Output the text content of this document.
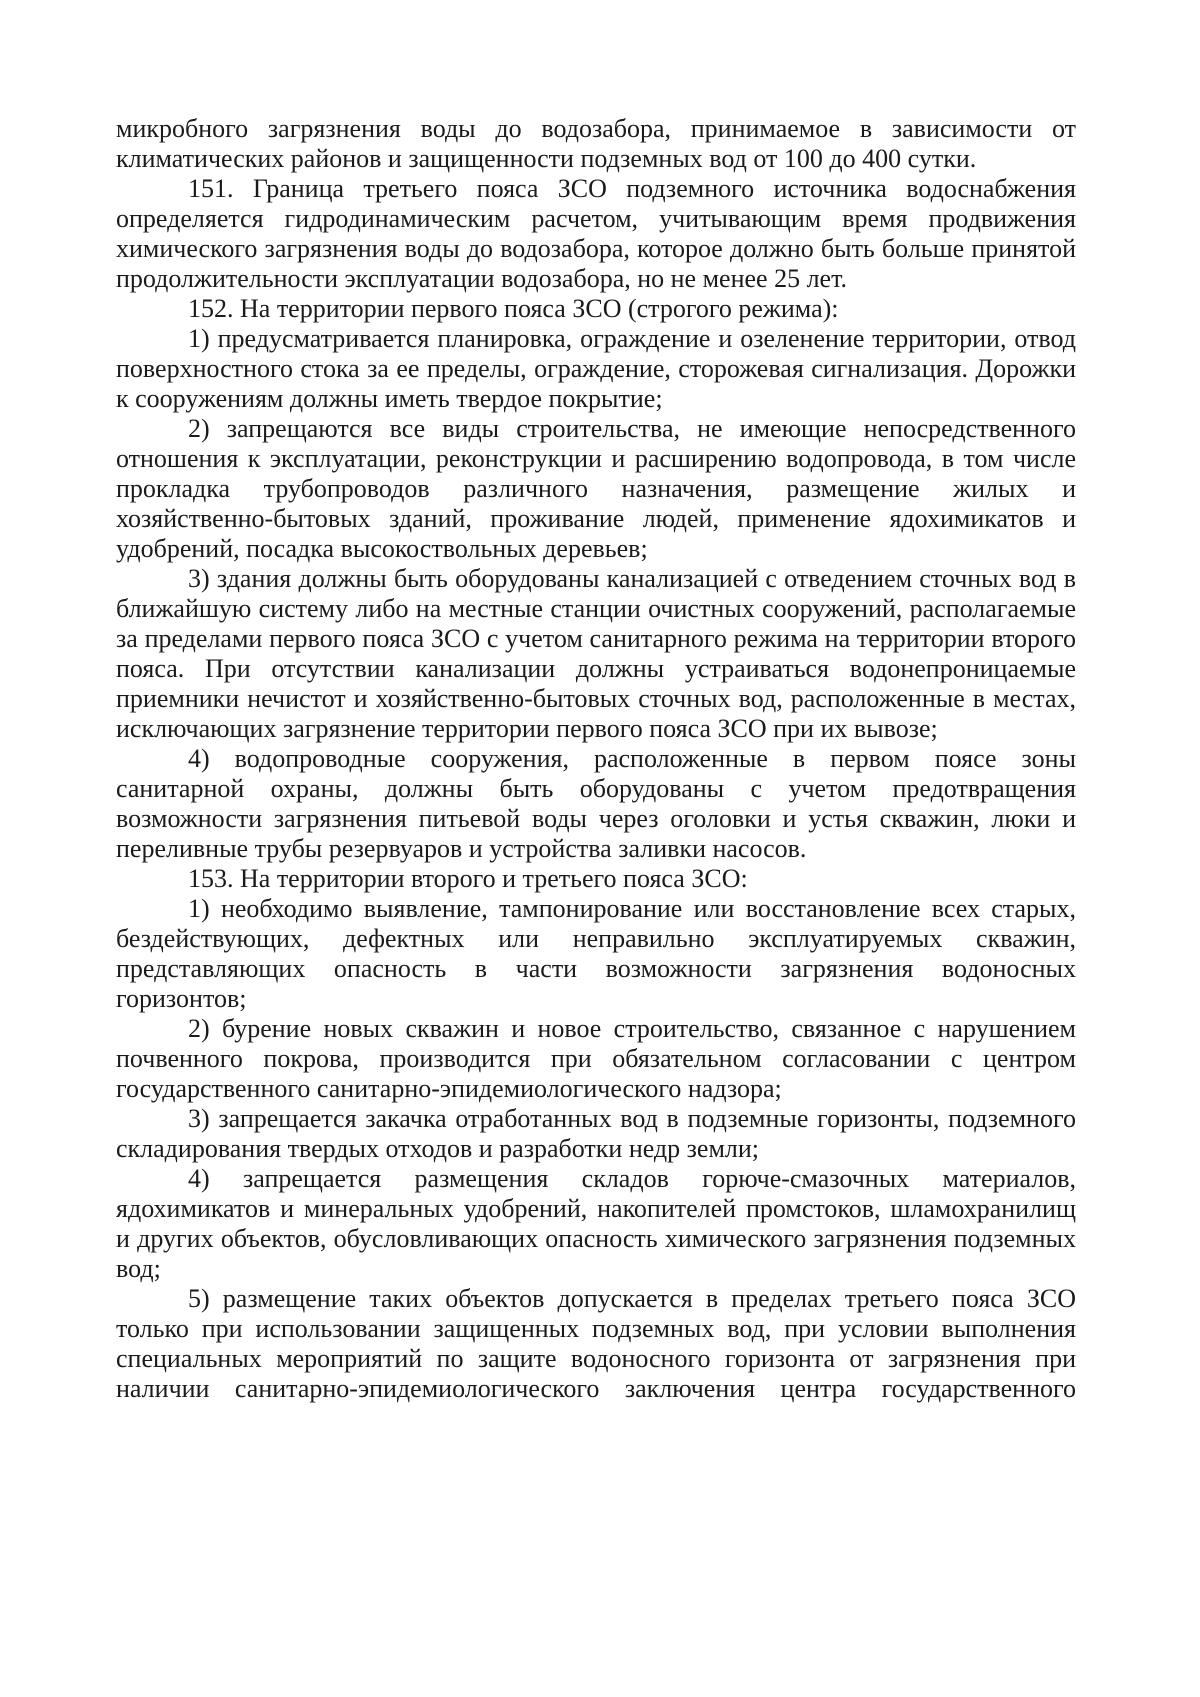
микробного загрязнения воды до водозабора, принимаемое в зависимости от климатических районов и защищенности подземных вод от 100 до 400 сутки.

151. Граница третьего пояса ЗСО подземного источника водоснабжения определяется гидродинамическим расчетом, учитывающим время продвижения химического загрязнения воды до водозабора, которое должно быть больше принятой продолжительности эксплуатации водозабора, но не менее 25 лет.

152. На территории первого пояса ЗСО (строгого режима):

1) предусматривается планировка, ограждение и озеленение территории, отвод поверхностного стока за ее пределы, ограждение, сторожевая сигнализация. Дорожки к сооружениям должны иметь твердое покрытие;

2) запрещаются все виды строительства, не имеющие непосредственного отношения к эксплуатации, реконструкции и расширению водопровода, в том числе прокладка трубопроводов различного назначения, размещение жилых и хозяйственно-бытовых зданий, проживание людей, применение ядохимикатов и удобрений, посадка высокоствольных деревьев;

3) здания должны быть оборудованы канализацией с отведением сточных вод в ближайшую систему либо на местные станции очистных сооружений, располагаемые за пределами первого пояса ЗСО с учетом санитарного режима на территории второго пояса. При отсутствии канализации должны устраиваться водонепроницаемые приемники нечистот и хозяйственно-бытовых сточных вод, расположенные в местах, исключающих загрязнение территории первого пояса ЗСО при их вывозе;

4) водопроводные сооружения, расположенные в первом поясе зоны санитарной охраны, должны быть оборудованы с учетом предотвращения возможности загрязнения питьевой воды через оголовки и устья скважин, люки и переливные трубы резервуаров и устройства заливки насосов.

153. На территории второго и третьего пояса ЗСО:

1) необходимо выявление, тампонирование или восстановление всех старых, бездействующих, дефектных или неправильно эксплуатируемых скважин, представляющих опасность в части возможности загрязнения водоносных горизонтов;

2) бурение новых скважин и новое строительство, связанное с нарушением почвенного покрова, производится при обязательном согласовании с центром государственного санитарно-эпидемиологического надзора;

3) запрещается закачка отработанных вод в подземные горизонты, подземного складирования твердых отходов и разработки недр земли;

4) запрещается размещения складов горюче-смазочных материалов, ядохимикатов и минеральных удобрений, накопителей промстоков, шламохранилищ и других объектов, обусловливающих опасность химического загрязнения подземных вод;

5) размещение таких объектов допускается в пределах третьего пояса ЗСО только при использовании защищенных подземных вод, при условии выполнения специальных мероприятий по защите водоносного горизонта от загрязнения при наличии санитарно-эпидемиологического заключения центра государственного
